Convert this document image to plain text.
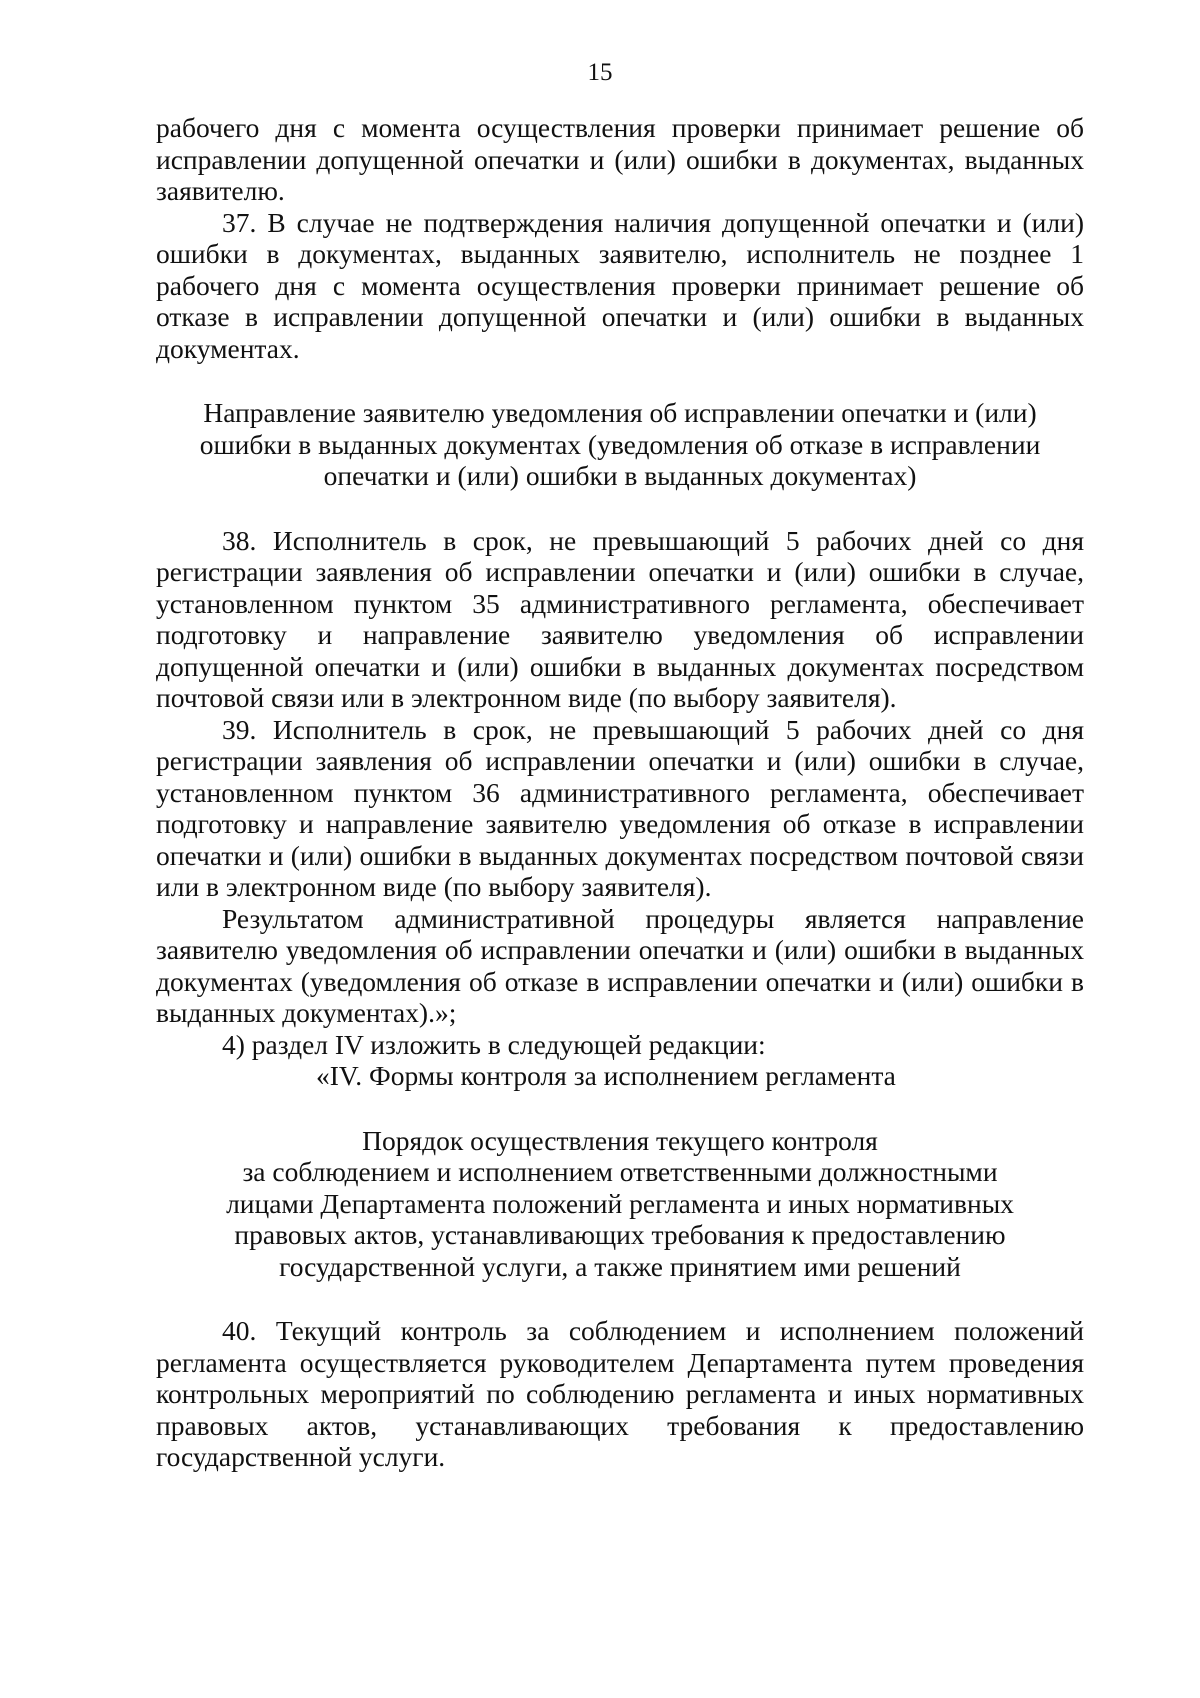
15

рабочего дня с момента осуществления проверки принимает решение об исправлении допущенной опечатки и (или) ошибки в документах, выданных заявителю.

37. В случае не подтверждения наличия допущенной опечатки и (или) ошибки в документах, выданных заявителю, исполнитель не позднее 1 рабочего дня с момента осуществления проверки принимает решение об отказе в исправлении допущенной опечатки и (или) ошибки в выданных документах.

Направление заявителю уведомления об исправлении опечатки и (или)
ошибки в выданных документах (уведомления об отказе в исправлении
опечатки и (или) ошибки в выданных документах)

38. Исполнитель в срок, не превышающий 5 рабочих дней со дня регистрации заявления об исправлении опечатки и (или) ошибки в случае, установленном пунктом 35 административного регламента, обеспечивает подготовку и направление заявителю уведомления об исправлении допущенной опечатки и (или) ошибки в выданных документах посредством почтовой связи или в электронном виде (по выбору заявителя).

39. Исполнитель в срок, не превышающий 5 рабочих дней со дня регистрации заявления об исправлении опечатки и (или) ошибки в случае, установленном пунктом 36 административного регламента, обеспечивает подготовку и направление заявителю уведомления об отказе в исправлении опечатки и (или) ошибки в выданных документах посредством почтовой связи или в электронном виде (по выбору заявителя).

Результатом административной процедуры является направление заявителю уведомления об исправлении опечатки и (или) ошибки в выданных документах (уведомления об отказе в исправлении опечатки и (или) ошибки в выданных документах).»;

4) раздел IV изложить в следующей редакции:

«IV. Формы контроля за исполнением регламента

Порядок осуществления текущего контроля
за соблюдением и исполнением ответственными должностными
лицами Департамента положений регламента и иных нормативных
правовых актов, устанавливающих требования к предоставлению
государственной услуги, а также принятием ими решений

40. Текущий контроль за соблюдением и исполнением положений регламента осуществляется руководителем Департамента путем проведения контрольных мероприятий по соблюдению регламента и иных нормативных правовых актов, устанавливающих требования к предоставлению государственной услуги.
